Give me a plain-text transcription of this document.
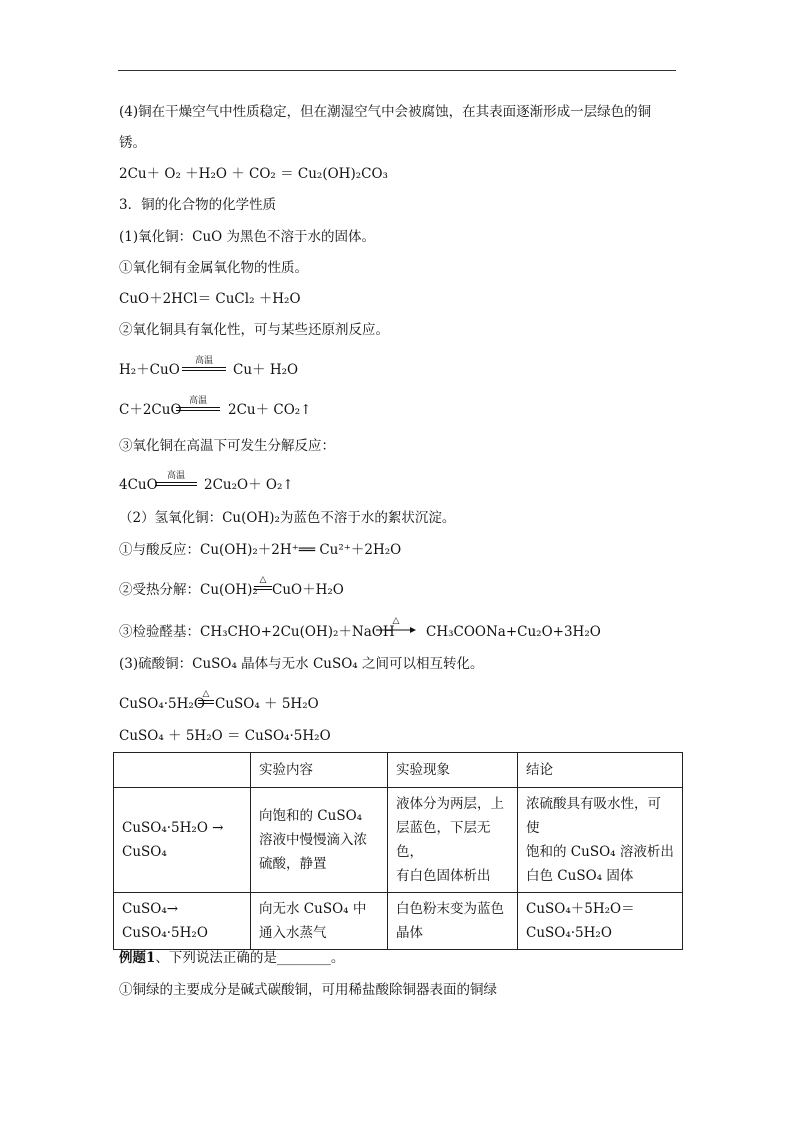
(4)铜在干燥空气中性质稳定，但在潮湿空气中会被腐蚀，在其表面逐渐形成一层绿色的铜
锈。
2Cu＋ O₂ ＋H₂O ＋ CO₂ ＝ Cu₂(OH)₂CO₃
3．铜的化合物的化学性质
(1)氧化铜：CuO 为黑色不溶于水的固体。
①氧化铜有金属氧化物的性质。
CuO＋2HCl＝ CuCl₂ ＋H₂O
②氧化铜具有氧化性，可与某些还原剂反应。
H₂＋CuO
高温
Cu＋ H₂O
C＋2CuO
高温
2Cu＋ CO₂↑
③氧化铜在高温下可发生分解反应：
4CuO
高温
2Cu₂O＋ O₂↑
（2）氢氧化铜：Cu(OH)₂为蓝色不溶于水的絮状沉淀。
①与酸反应：Cu(OH)₂＋2H⁺══ Cu²⁺＋2H₂O
②受热分解：Cu(OH)₂
△
CuO＋H₂O
③检验醛基：CH₃CHO+2Cu(OH)₂＋NaOH
△
CH₃COONa+Cu₂O+3H₂O
(3)硫酸铜：CuSO₄ 晶体与无水 CuSO₄ 之间可以相互转化。
CuSO₄·5H₂O
△
CuSO₄ ＋ 5H₂O
CuSO₄ ＋ 5H₂O ＝ CuSO₄·5H₂O
	实验内容	实验现象	结论
CuSO₄·5H₂O →
CuSO₄	向饱和的 CuSO₄
溶液中慢慢滴入浓
硫酸，静置	液体分为两层，上
层蓝色，下层无色，
有白色固体析出	浓硫酸具有吸水性，可使
饱和的 CuSO₄ 溶液析出
白色 CuSO₄ 固体
CuSO₄→
CuSO₄·5H₂O	向无水 CuSO₄ 中
通入水蒸气	白色粉末变为蓝色
晶体	CuSO₄＋5H₂O＝
CuSO₄·5H₂O
例题1、下列说法正确的是________。
①铜绿的主要成分是碱式碳酸铜，可用稀盐酸除铜器表面的铜绿
